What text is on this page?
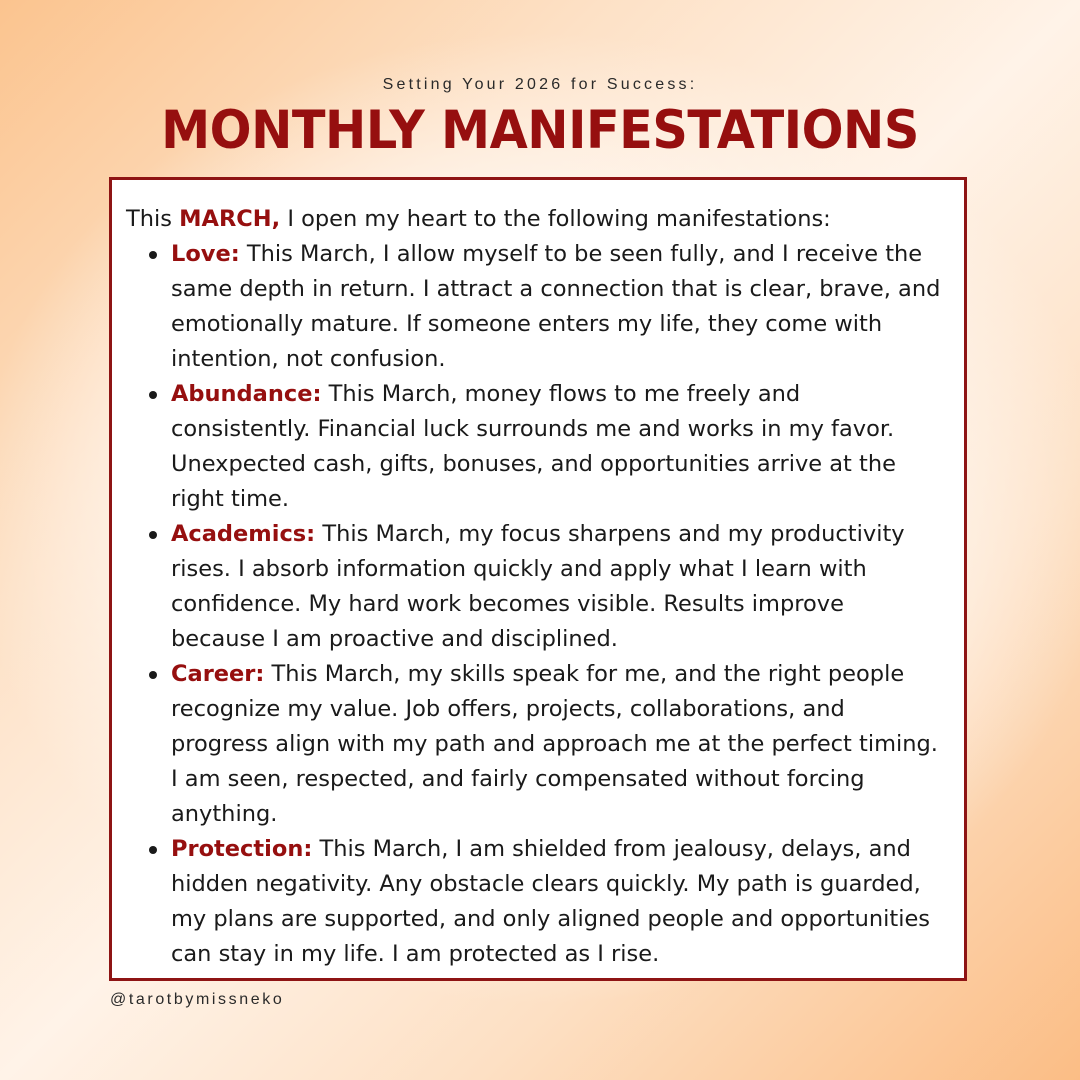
Setting Your 2026 for Success:
MONTHLY MANIFESTATIONS

This MARCH, I open my heart to the following manifestations:

Love: This March, I allow myself to be seen fully, and I receive the same depth in return. I attract a connection that is clear, brave, and emotionally mature. If someone enters my life, they come with intention, not confusion.
Abundance: This March, money flows to me freely and consistently. Financial luck surrounds me and works in my favor. Unexpected cash, gifts, bonuses, and opportunities arrive at the right time.
Academics: This March, my focus sharpens and my productivity rises. I absorb information quickly and apply what I learn with confidence. My hard work becomes visible. Results improve because I am proactive and disciplined.
Career: This March, my skills speak for me, and the right people recognize my value. Job offers, projects, collaborations, and progress align with my path and approach me at the perfect timing. I am seen, respected, and fairly compensated without forcing anything.
Protection: This March, I am shielded from jealousy, delays, and hidden negativity. Any obstacle clears quickly. My path is guarded, my plans are supported, and only aligned people and opportunities can stay in my life. I am protected as I rise.
@tarotbymissneko
